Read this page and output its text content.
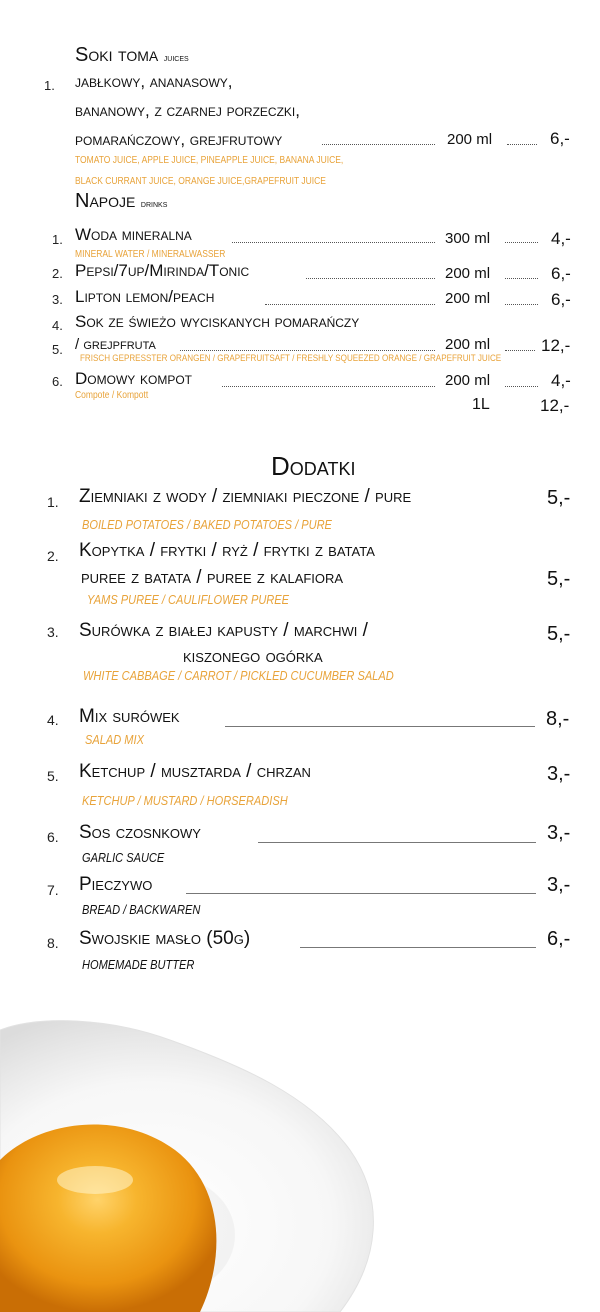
Soki toma juices
1. jabłkowy, ananasowy,
bananowy, z czarnej porzeczki,
pomarańczowy, grejfrutowy	200 ml	6,-
TOMATO JUICE, APPLE JUICE, PINEAPPLE JUICE, BANANA JUICE,
BLACK CURRANT JUICE, ORANGE JUICE,GRAPEFRUIT JUICE
Napoje drinks
1. Woda mineralna	300 ml	4,-
MINERAL WATER / MINERALWASSER
2. Pepsi/7up/Mirinda/Tonic	200 ml	6,-
3. Lipton lemon/peach	200 ml	6,-
4. Sok ze świeżo wyciskanych pomarańczy
5. / grejpfruta	200 ml	12,-
FRISCH GEPRESSTER ORANGEN / GRAPEFRUITSAFT / FRESHLY SQUEEZED ORANGE / GRAPEFRUIT JUICE
6. Domowy kompot	200 ml	4,-
Compote / Kompott
1L	12,-
Dodatki
1. Ziemniaki z wody / ziemniaki pieczone / pure	5,-
BOILED POTATOES / BAKED POTATOES / PURE
2. Kopytka / frytki / ryż / frytki z batata
puree z batata / puree z kalafiora	5,-
YAMS PUREE / CAULIFLOWER PUREE
3. Surówka z białej kapusty / marchwi /
kiszonego ogórka
5,-
WHITE CABBAGE / CARROT / PICKLED CUCUMBER SALAD
4. Mix surówek	8,-
SALAD MIX
5. Ketchup / musztarda / chrzan	3,-
KETCHUP / MUSTARD / HORSERADISH
6. Sos czosnkowy	3,-
GARLIC SAUCE
7. Pieczywo	3,-
BREAD / BACKWAREN
8. Swojskie masło (50g)	6,-
HOMEMADE BUTTER
